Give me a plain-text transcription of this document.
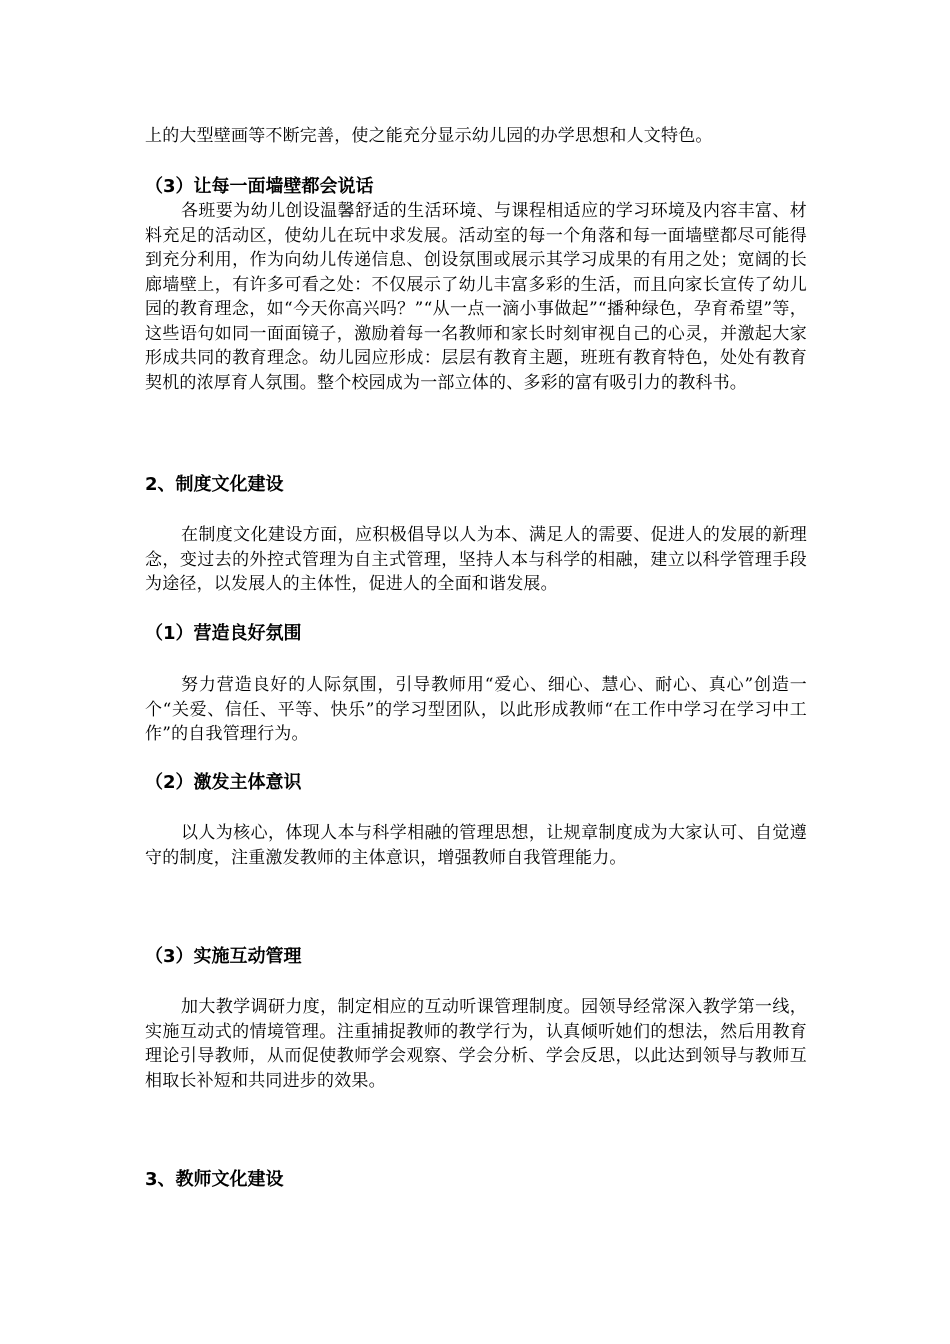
上的大型壁画等不断完善，使之能充分显示幼儿园的办学思想和人文特色。

（3）让每一面墙壁都会说话

各班要为幼儿创设温馨舒适的生活环境、与课程相适应的学习环境及内容丰富、材料充足的活动区，使幼儿在玩中求发展。活动室的每一个角落和每一面墙壁都尽可能得到充分利用，作为向幼儿传递信息、创设氛围或展示其学习成果的有用之处；宽阔的长廊墙壁上，有许多可看之处：不仅展示了幼儿丰富多彩的生活，而且向家长宣传了幼儿园的教育理念，如“今天你高兴吗？”“从一点一滴小事做起”“播种绿色，孕育希望”等，这些语句如同一面面镜子，激励着每一名教师和家长时刻审视自己的心灵，并激起大家形成共同的教育理念。幼儿园应形成：层层有教育主题，班班有教育特色，处处有教育契机的浓厚育人氛围。整个校园成为一部立体的、多彩的富有吸引力的教科书。

2、制度文化建设

在制度文化建设方面，应积极倡导以人为本、满足人的需要、促进人的发展的新理念，变过去的外控式管理为自主式管理，坚持人本与科学的相融，建立以科学管理手段为途径，以发展人的主体性，促进人的全面和谐发展。

（1）营造良好氛围

努力营造良好的人际氛围，引导教师用“爱心、细心、慧心、耐心、真心”创造一个“关爱、信任、平等、快乐”的学习型团队，以此形成教师“在工作中学习在学习中工作”的自我管理行为。

（2）激发主体意识

以人为核心，体现人本与科学相融的管理思想，让规章制度成为大家认可、自觉遵守的制度，注重激发教师的主体意识，增强教师自我管理能力。

（3）实施互动管理

加大教学调研力度，制定相应的互动听课管理制度。园领导经常深入教学第一线，实施互动式的情境管理。注重捕捉教师的教学行为，认真倾听她们的想法，然后用教育理论引导教师，从而促使教师学会观察、学会分析、学会反思，以此达到领导与教师互相取长补短和共同进步的效果。

3、教师文化建设
